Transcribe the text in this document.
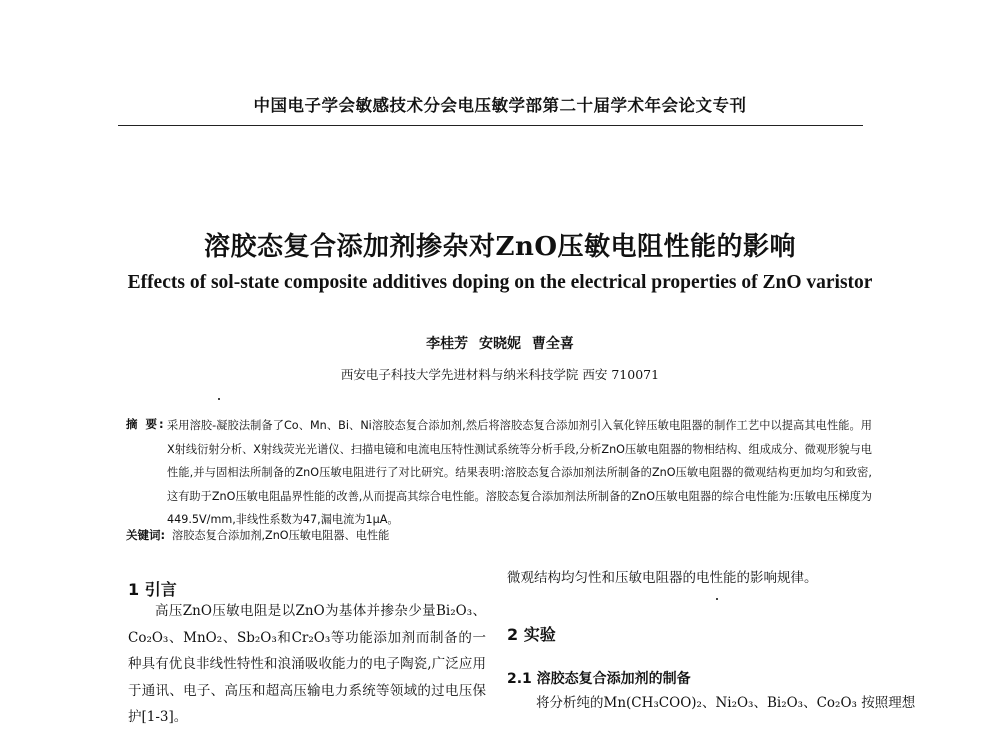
中国电子学会敏感技术分会电压敏学部第二十届学术年会论文专刊
溶胶态复合添加剂掺杂对ZnO压敏电阻性能的影响
Effects of sol-state composite additives doping on the electrical properties of ZnO varistor
李桂芳 安晓妮 曹全喜
西安电子科技大学先进材料与纳米科技学院 西安 710071
摘 要: 采用溶胶-凝胶法制备了Co、Mn、Bi、Ni溶胶态复合添加剂,然后将溶胶态复合添加剂引入氧化锌压敏电阻器的制作工艺中以提高其电性能。用X射线衍射分析、X射线荧光光谱仪、扫描电镜和电流电压特性测试系统等分析手段,分析ZnO压敏电阻器的物相结构、组成成分、微观形貌与电性能,并与固相法所制备的ZnO压敏电阻进行了对比研究。结果表明:溶胶态复合添加剂法所制备的ZnO压敏电阻器的微观结构更加均匀和致密,这有助于ZnO压敏电阻晶界性能的改善,从而提高其综合电性能。溶胶态复合添加剂法所制备的ZnO压敏电阻器的综合电性能为:压敏电压梯度为449.5V/mm,非线性系数为47,漏电流为1μA。

关键词: 溶胶态复合添加剂,ZnO压敏电阻器、电性能
1 引言

高压ZnO压敏电阻是以ZnO为基体并掺杂少量Bi₂O₃、Co₂O₃、MnO₂、Sb₂O₃和Cr₂O₃等功能添加剂而制备的一种具有优良非线性特性和浪涌吸收能力的电子陶瓷,广泛应用于通讯、电子、高压和超高压输电力系统等领域的过电压保护[1-3]。

微观结构均匀性和压敏电阻器的电性能的影响规律。

2 实验
2.1 溶胶态复合添加剂的制备

将分析纯的Mn(CH₃COO)₂、Ni₂O₃、Bi₂O₃、Co₂O₃ 按照理想
